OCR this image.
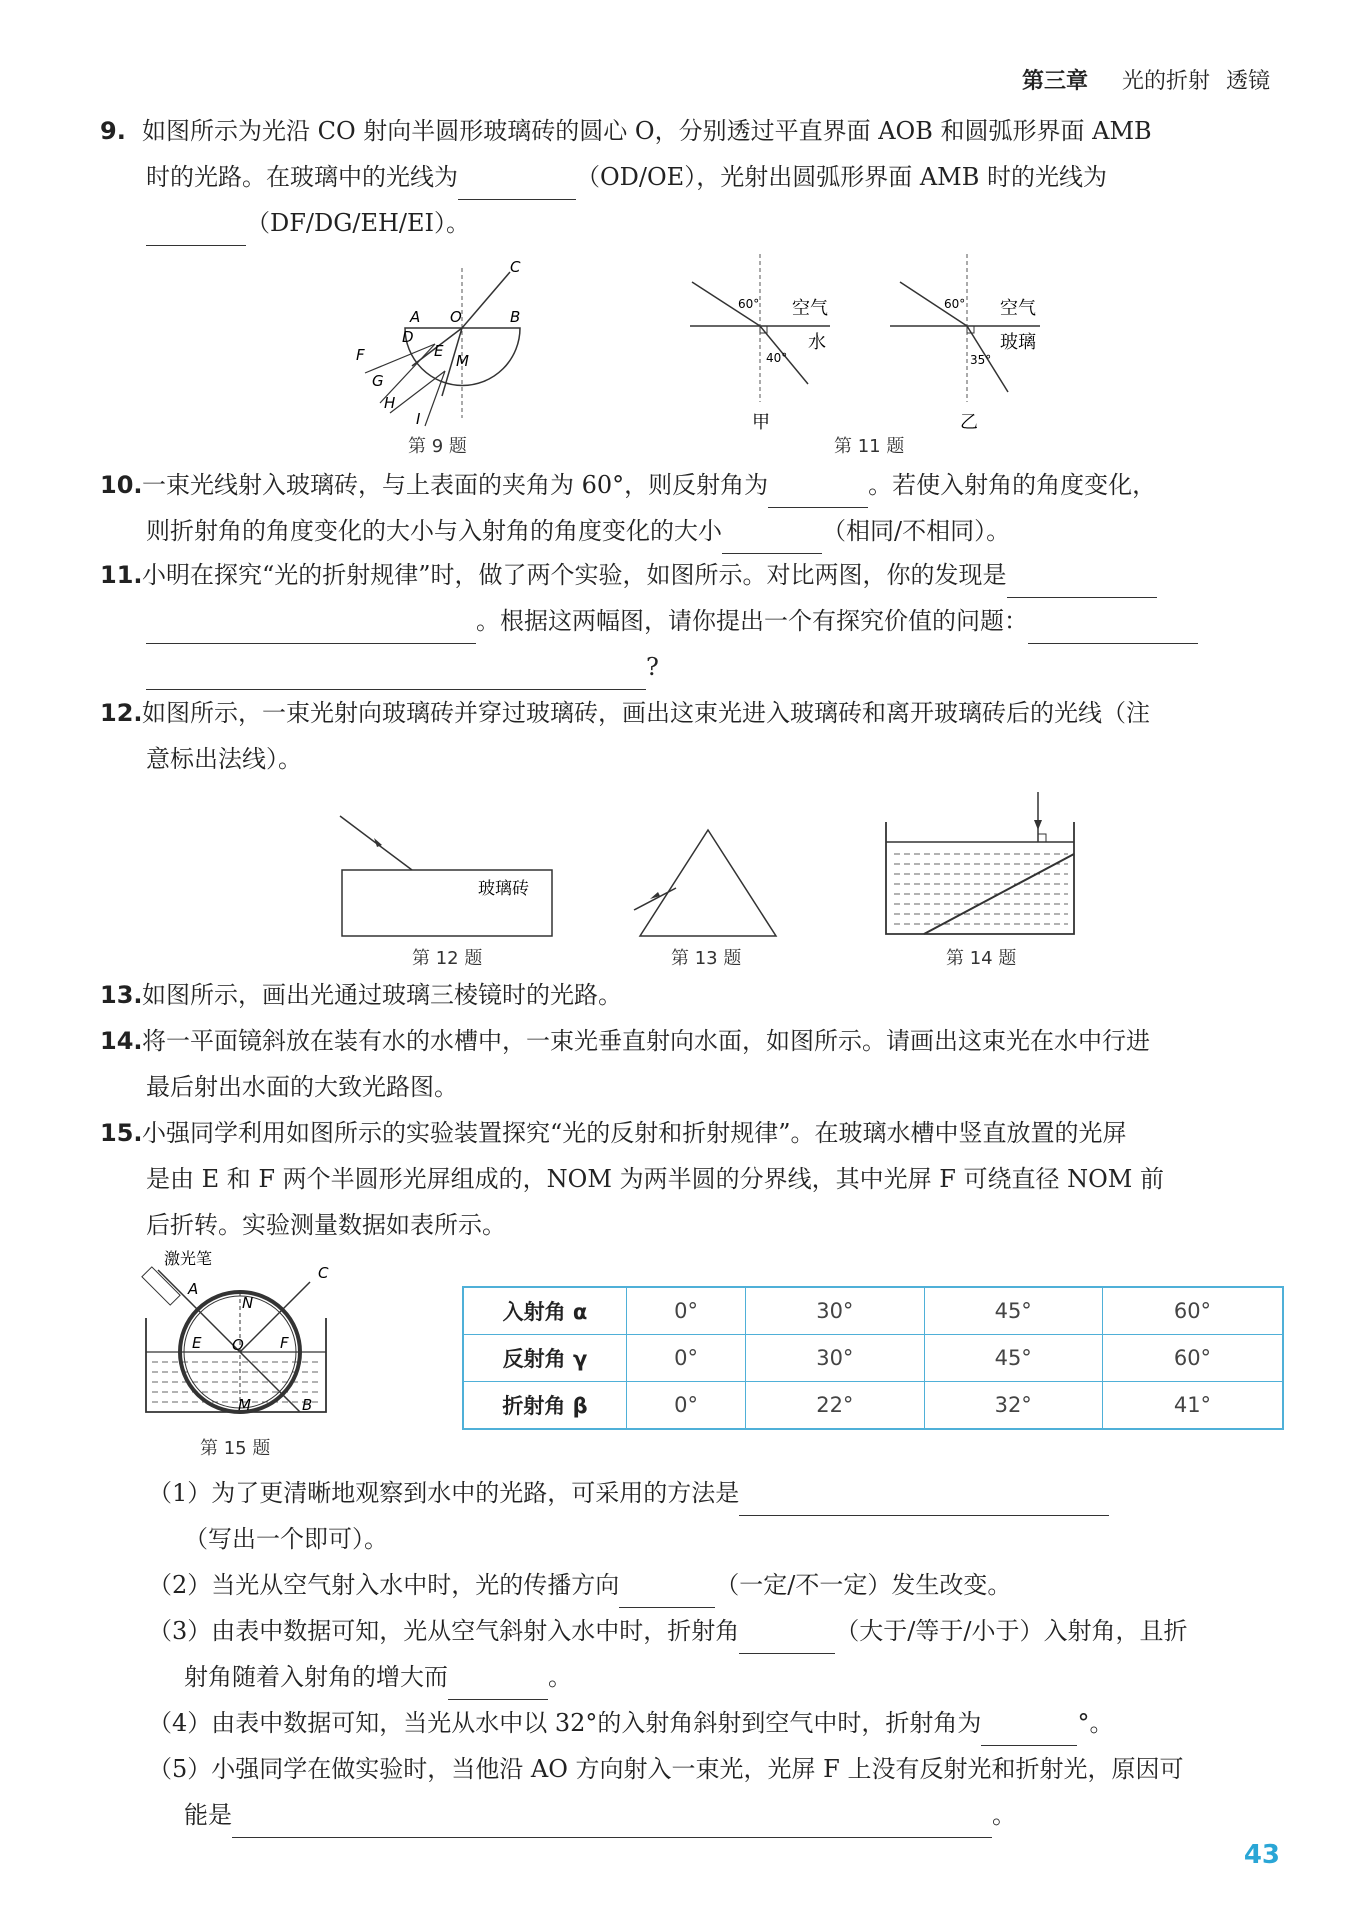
第三章 光的折射 透镜
9. 如图所示为光沿 CO 射向半圆形玻璃砖的圆心 O，分别透过平直界面 AOB 和圆弧形界面 AMB
时的光路。在玻璃中的光线为	（OD/OE），光射出圆弧形界面 AMB 时的光线为
（DF/DG/EH/EI）。
C
A O	B
D
E
M
F
G
H
I
第 9 题
60°
40°
空气
水
甲
60°
35°
空气
玻璃
乙
第 11 题
10.一束光线射入玻璃砖，与上表面的夹角为 60°，则反射角为	。若使入射角的角度变化，
则折射角的角度变化的大小与入射角的角度变化的大小	（相同/不相同）。
11.小明在探究“光的折射规律”时，做了两个实验，如图所示。对比两图，你的发现是
。根据这两幅图，请你提出一个有探究价值的问题：
?
12.如图所示，一束光射向玻璃砖并穿过玻璃砖，画出这束光进入玻璃砖和离开玻璃砖后的光线（注
意标出法线）。
玻璃砖
第 12 题	第 13 题	第 14 题
13.如图所示，画出光通过玻璃三棱镜时的光路。
14.将一平面镜斜放在装有水的水槽中，一束光垂直射向水面，如图所示。请画出这束光在水中行进
最后射出水面的大致光路图。
15.小强同学利用如图所示的实验装置探究“光的反射和折射规律”。在玻璃水槽中竖直放置的光屏
是由 E 和 F 两个半圆形光屏组成的，NOM 为两半圆的分界线，其中光屏 F 可绕直径 NOM 前
后折转。实验测量数据如表所示。
激光笔
A
C
N
E O F
M	B
第 15 题
入射角 α	0°	30°	45°	60°
反射角 γ	0°	30°	45°	60°
折射角 β	0°	22°	32°	41°
（1）为了更清晰地观察到水中的光路，可采用的方法是
（写出一个即可）。
（2）当光从空气射入水中时，光的传播方向	（一定/不一定）发生改变。
（3）由表中数据可知，光从空气斜射入水中时，折射角	（大于/等于/小于）入射角，且折
射角随着入射角的增大而	。
（4）由表中数据可知，当光从水中以 32°的入射角斜射到空气中时，折射角为	°。
（5）小强同学在做实验时，当他沿 AO 方向射入一束光，光屏 F 上没有反射光和折射光，原因可
能是	。
43
